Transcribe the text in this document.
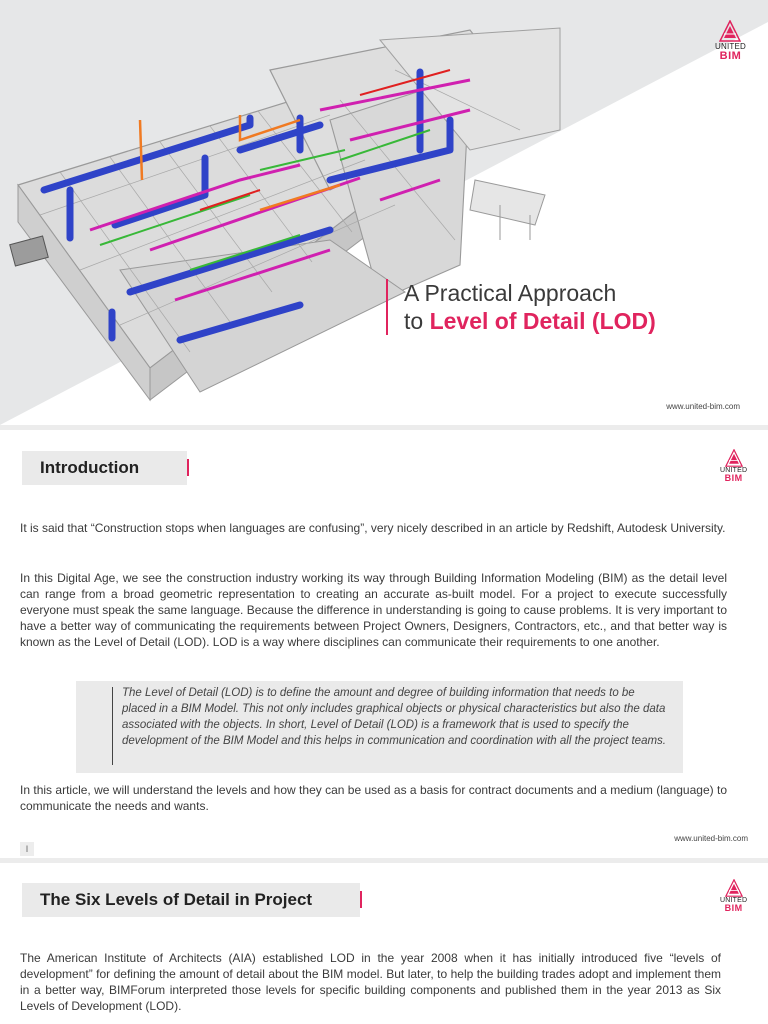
UNITED
BIM
A Practical Approach
to Level of Detail (LOD)
www.united-bim.com
Introduction	UNITED
BIM

It is said that “Construction stops when languages are confusing”, very nicely described in an article by Redshift, Autodesk University.

In this Digital Age, we see the construction industry working its way through Building Information Modeling (BIM) as the detail level can range from a broad geometric representation to creating an accurate as-built model. For a project to execute successfully everyone must speak the same language. Because the difference in understanding is going to cause problems. It is very important to have a better way of communicating the requirements between Project Owners, Designers, Contractors, etc., and that better way is known as the Level of Detail (LOD). LOD is a way where disciplines can communicate their requirements to one another.

The Level of Detail (LOD) is to define the amount and degree of building information that needs to be placed in a BIM Model. This not only includes graphical objects or physical characteristics but also the data associated with the objects. In short, Level of Detail (LOD) is a framework that is used to specify the development of the BIM Model and this helps in communication and coordination with all the project teams.

In this article, we will understand the levels and how they can be used as a basis for contract documents and a medium (language) to communicate the needs and wants.

www.united-bim.com
I
The Six Levels of Detail in Project	UNITED
BIM

The American Institute of Architects (AIA) established LOD in the year 2008 when it has initially introduced five “levels of development” for defining the amount of detail about the BIM model. But later, to help the building trades adopt and implement them in a better way, BIMForum interpreted those levels for specific building components and published them in the year 2013 as Six Levels of Development (LOD).
